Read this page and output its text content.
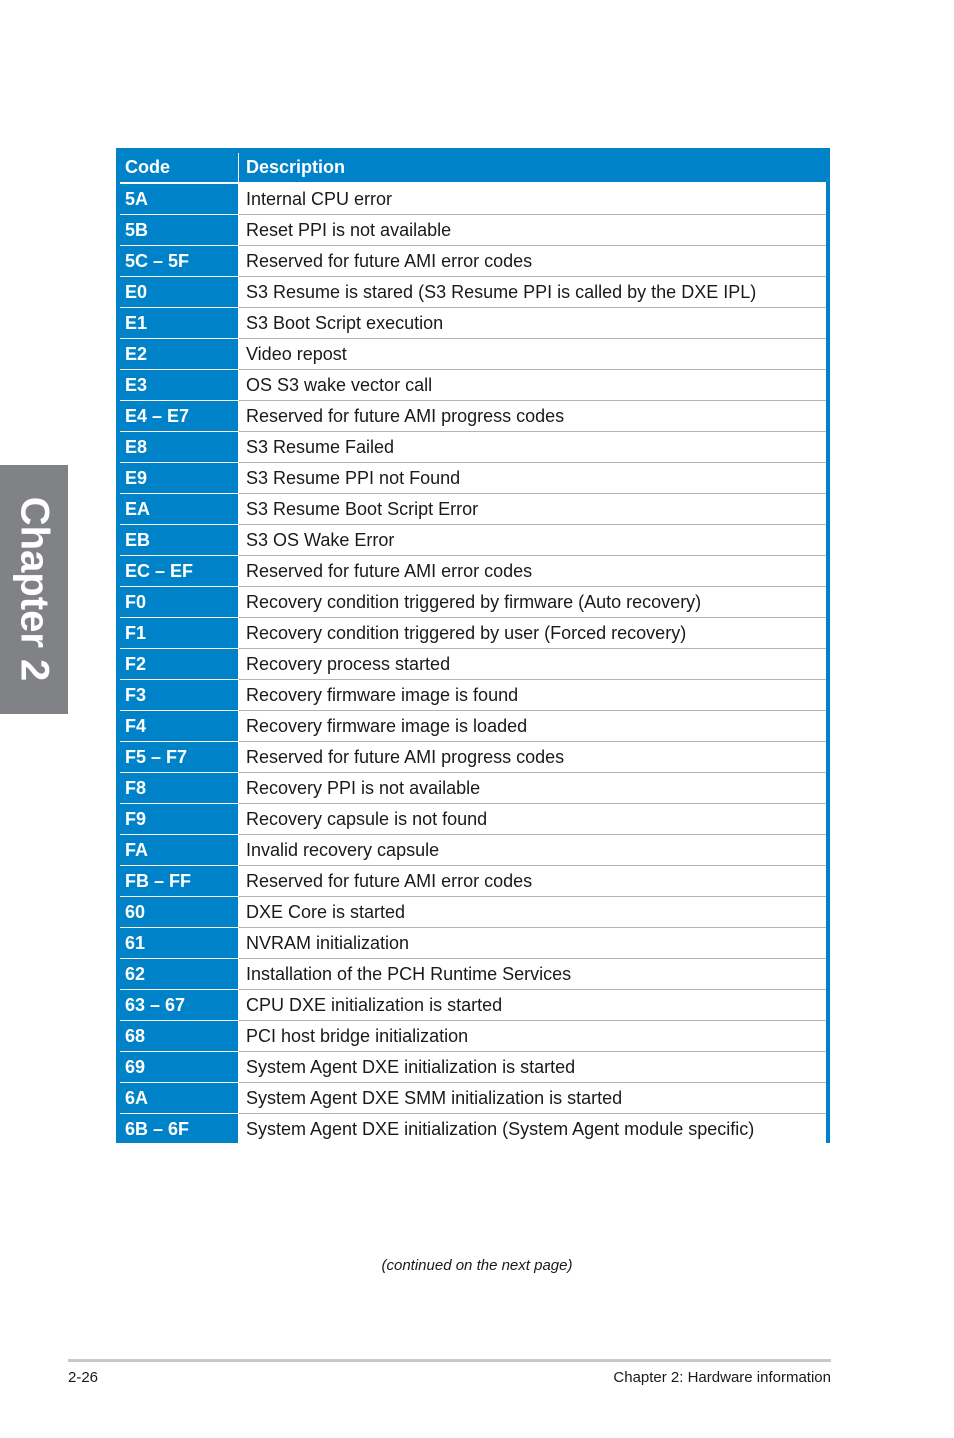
Chapter 2
Code	Description
5A	Internal CPU error
5B	Reset PPI is not available
5C – 5F	Reserved for future AMI error codes
E0	S3 Resume is stared (S3 Resume PPI is called by the DXE IPL)
E1	S3 Boot Script execution
E2	Video repost
E3	OS S3 wake vector call
E4 – E7	Reserved for future AMI progress codes
E8	S3 Resume Failed
E9	S3 Resume PPI not Found
EA	S3 Resume Boot Script Error
EB	S3 OS Wake Error
EC – EF	Reserved for future AMI error codes
F0	Recovery condition triggered by firmware (Auto recovery)
F1	Recovery condition triggered by user (Forced recovery)
F2	Recovery process started
F3	Recovery firmware image is found
F4	Recovery firmware image is loaded
F5 – F7	Reserved for future AMI progress codes
F8	Recovery PPI is not available
F9	Recovery capsule is not found
FA	Invalid recovery capsule
FB – FF	Reserved for future AMI error codes
60	DXE Core is started
61	NVRAM initialization
62	Installation of the PCH Runtime Services
63 – 67	CPU DXE initialization is started
68	PCI host bridge initialization
69	System Agent DXE initialization is started
6A	System Agent DXE SMM initialization is started
6B – 6F	System Agent DXE initialization (System Agent module specific)
(continued on the next page)
2-26	Chapter 2: Hardware information
